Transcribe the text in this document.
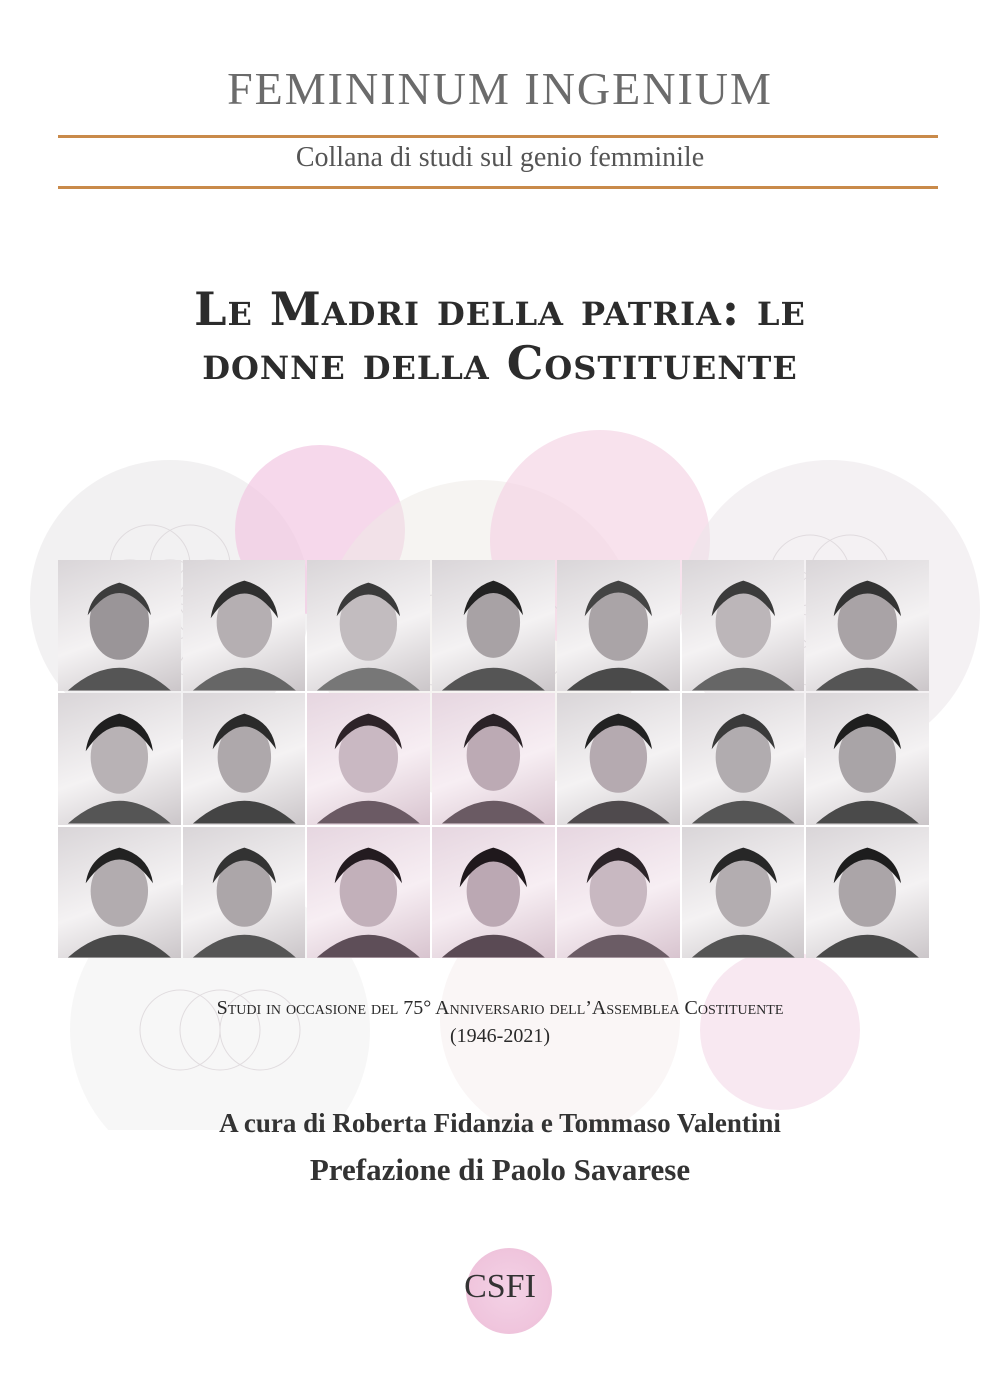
FEMININUM INGENIUM
Collana di studi sul genio femminile
Le Madri della patria: le
donne della Costituente
Studi in occasione del 75° Anniversario dell’Assemblea Costituente
(1946-2021)
A cura di Roberta Fidanzia e Tommaso Valentini
Prefazione di Paolo Savarese
CSFI
